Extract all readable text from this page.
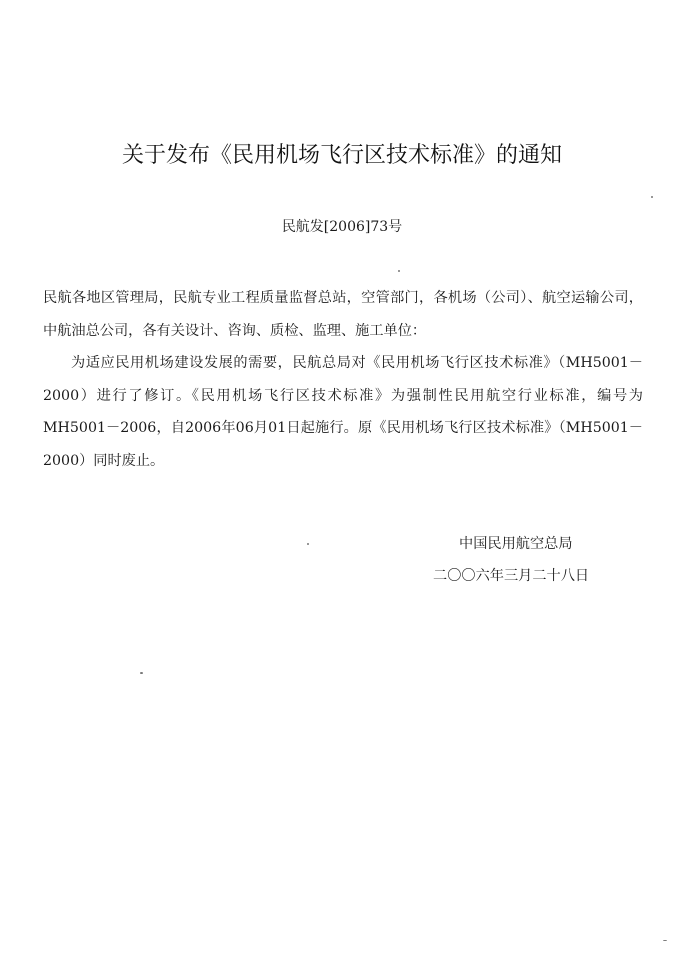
关于发布《民用机场飞行区技术标准》的通知
民航发[2006]73号

民航各地区管理局，民航专业工程质量监督总站，空管部门，各机场（公司）、航空运输公司，中航油总公司，各有关设计、咨询、质检、监理、施工单位：

为适应民用机场建设发展的需要，民航总局对《民用机场飞行区技术标准》（MH5001－2000）进行了修订。《民用机场飞行区技术标准》为强制性民用航空行业标准，编号为MH5001－2006，自2006年06月01日起施行。原《民用机场飞行区技术标准》（MH5001－2000）同时废止。

中国民用航空总局
二〇〇六年三月二十八日
